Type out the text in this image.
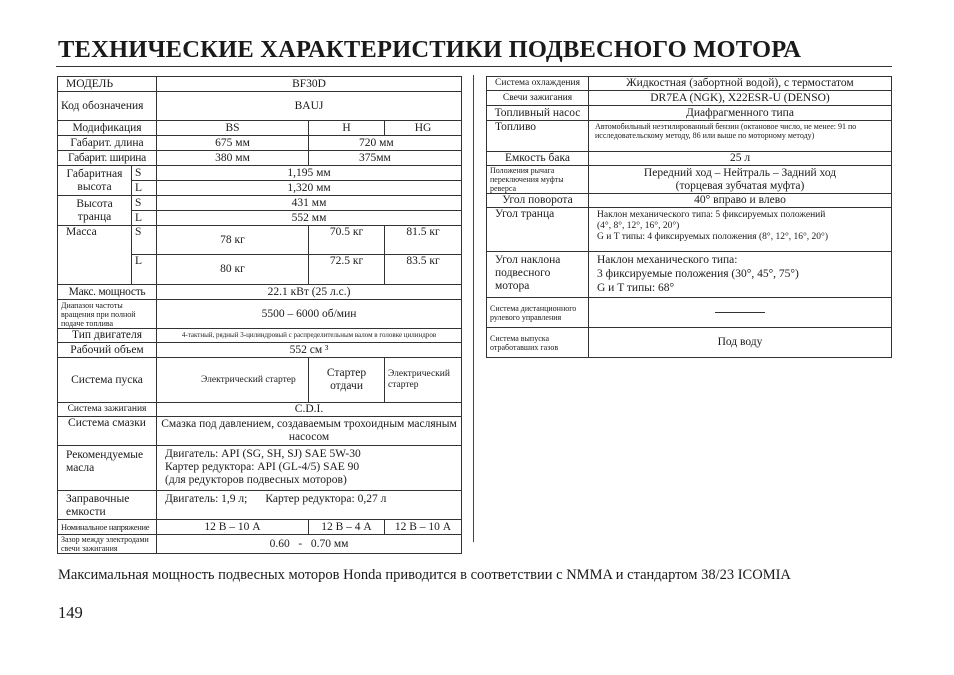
ТЕХНИЧЕСКИЕ ХАРАКТЕРИСТИКИ ПОДВЕСНОГО МОТОРА
МОДЕЛЬ		BF30D		
Код обозначения		BAUJ		
Модификация		BS	H	HG
Габарит. длина		675 мм	720 мм	
Габарит. ширина		380 мм	375мм	
Габаритная высота	S	1,195 мм		
	L	1,320 мм		
Высота транца	S	431 мм		
	L	552 мм		
Масса	S	78 кг	70.5 кг	81.5 кг
	L	80 кг	72.5 кг	83.5 кг
Макс. мощность		22.1 кВт (25 л.с.)		
Диапазон частоты вращения при полной подаче топлива		5500 – 6000 об/мин		
Тип двигателя		4-тактный, рядный 3-цилиндровый с распределительным валом в головке цилиндров		
Рабочий объем		552 см ³		
Система пуска		Электрический стартер	Стартер отдачи	Электрический стартер
Система зажигания		C.D.I.		
Система смазки		Смазка под давлением, создаваемым трохоидным масляным насосом		
Рекомендуемые масла		Двигатель: API (SG, SH, SJ) SAE 5W-30
Картер редуктора: API (GL-4/5) SAE 90
(для редукторов подвесных моторов)		

Заправочные емкости		Двигатель: 1,9 л; Картер редуктора: 0,27 л		
Номинальное напряжение		12 В – 10 А	12 В – 4 А	12 В – 10 А
Зазор между электродами свечи зажигания		0.60   -   0.70 мм		
Система охлаждения	Жидкостная (забортной водой), с термостатом
Свечи зажигания	DR7EA (NGK), X22ESR-U (DENSO)
Топливный насос	Диафрагменного типа
Топливо	Автомобильный неэтилированный бензин (октановое число, не менее: 91 по исследовательскому методу, 86 или выше по моторному методу)
Емкость бака	25 л
Положения рычага переключения муфты реверса	Передний ход – Нейтраль – Задний ход
(торцевая зубчатая муфта)

Угол поворота	40° вправо и влево
Угол транца	Наклон механического типа: 5 фиксируемых положений
(4°, 8°, 12°, 16°, 20°)
G и T типы: 4 фиксируемых положения (8°, 12°, 16°, 20°)

Угол наклона подвесного мотора	Наклон механического типа:
3 фиксируемые положения (30°, 45°, 75°)
G и T типы: 68°

Система дистанционного рулевого управления	
Система выпуска отработавших газов	Под воду
Максимальная мощность подвесных моторов Honda приводится в соответствии с NMMA и стандартом 38/23 ICOMIA
149
